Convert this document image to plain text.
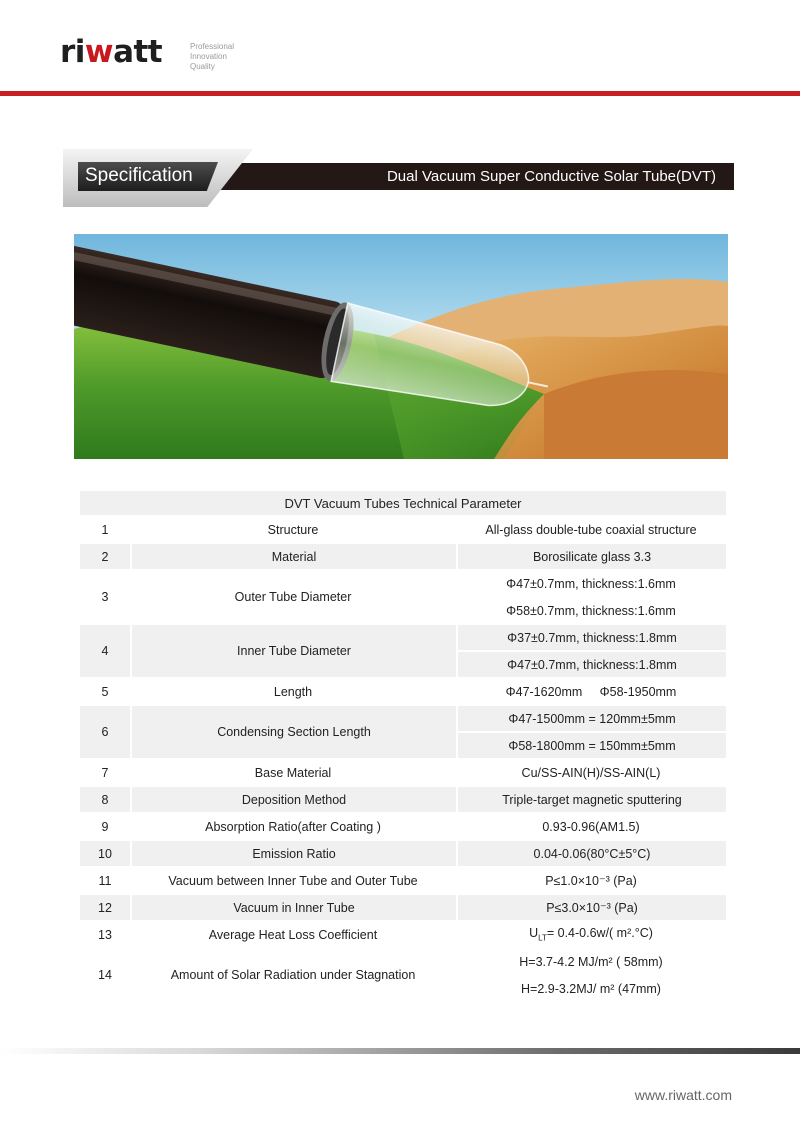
riwatt	Professional
Innovation
Quality
Dual Vacuum Super Conductive Solar Tube(DVT)
Specification
DVT Vacuum Tubes Technical Parameter		
1	Structure	All-glass double-tube coaxial structure
2	Material	Borosilicate glass 3.3
3	Outer Tube Diameter	Φ47±0.7mm, thickness:1.6mm
		Φ58±0.7mm, thickness:1.6mm
4	Inner Tube Diameter	Φ37±0.7mm, thickness:1.8mm
		Φ47±0.7mm, thickness:1.8mm
5	Length	Φ47-1620mm     Φ58-1950mm
6	Condensing Section Length	Φ47-1500mm = 120mm±5mm
		Φ58-1800mm = 150mm±5mm
7	Base Material	Cu/SS-AIN(H)/SS-AIN(L)
8	Deposition Method	Triple-target magnetic sputtering
9	Absorption Ratio(after Coating )	0.93-0.96(AM1.5)
10	Emission Ratio	0.04-0.06(80°C±5°C)
11	Vacuum between Inner Tube and Outer Tube	P≤1.0×10⁻³ (Pa)
12	Vacuum in Inner Tube	P≤3.0×10⁻³ (Pa)
13	Average Heat Loss Coefficient	$U_{LT}= 0.4-0.6w/$( m².°C)
14	Amount of Solar Radiation under Stagnation	H=3.7-4.2 MJ/m² ( 58mm)
		H=2.9-3.2MJ/ m² (47mm)
www.riwatt.com
